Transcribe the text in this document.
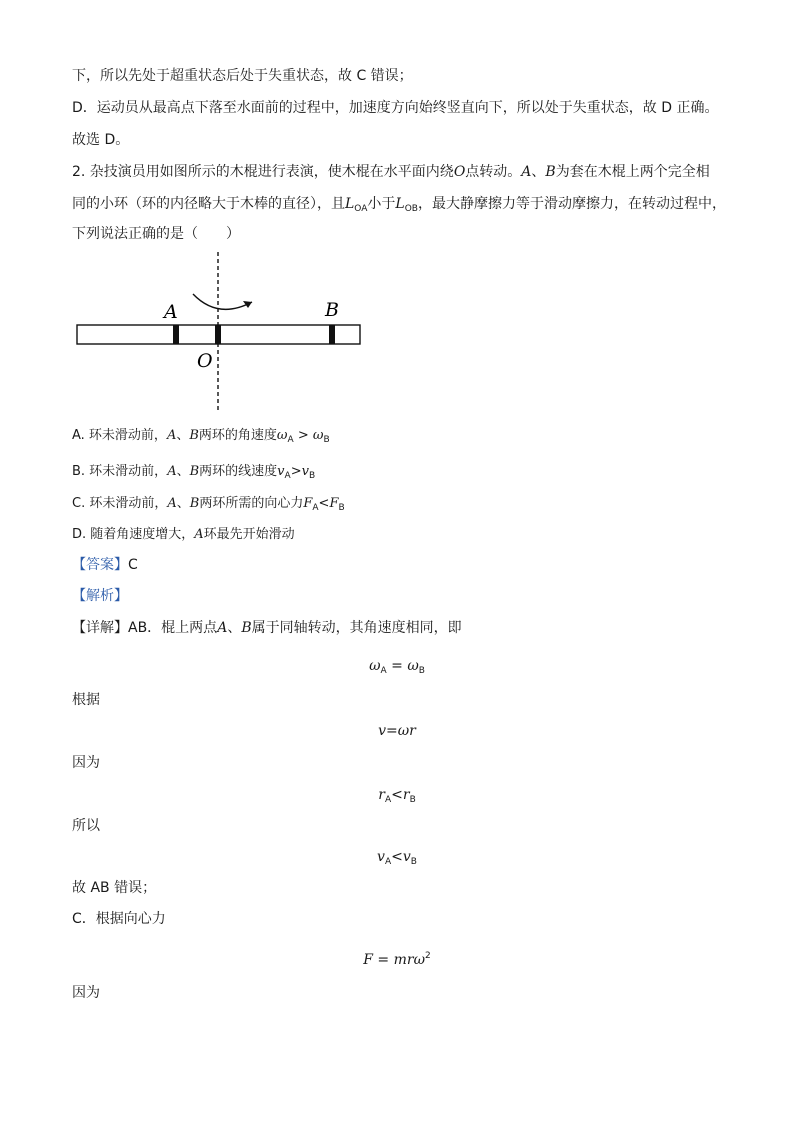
下，所以先处于超重状态后处于失重状态，故 C 错误；
D．运动员从最高点下落至水面前的过程中，加速度方向始终竖直向下，所以处于失重状态，故 D 正确。
故选 D。
2. 杂技演员用如图所示的木棍进行表演，使木棍在水平面内绕O点转动。A、B为套在木棍上两个完全相
同的小环（环的内径略大于木棒的直径），且$L_{OA}$小于$L_{OB}$，最大静摩擦力等于滑动摩擦力，在转动过程中，
下列说法正确的是（　　）
A	B
O
A. 环未滑动前，A、B两环的角速度$\omega_A > \omega_B$
B. 环未滑动前，A、B两环的线速度$v_A>v_B$
C. 环未滑动前，A、B两环所需的向心力$F_A<F_B$
D. 随着角速度增大，A环最先开始滑动
【答案】C
【解析】
【详解】AB．棍上两点A、B属于同轴转动，其角速度相同，即
$\omega_A = \omega_B$
根据
v=ωr
因为
$r_A<r_B$
所以
$v_A<v_B$
故 AB 错误；
C．根据向心力
F = mrω$^2$
因为
